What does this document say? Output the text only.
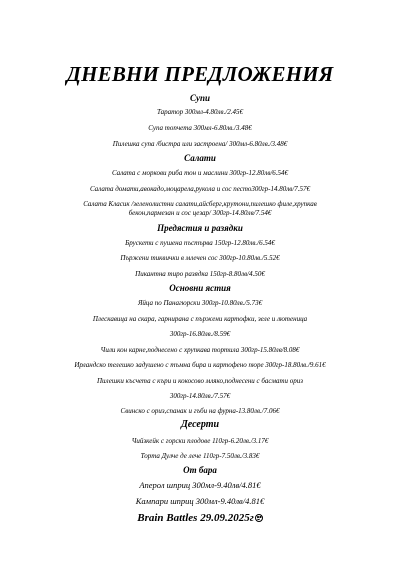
ДНЕВНИ ПРЕДЛОЖЕНИЯ
Супи
Таратор 300мл-4.80лв./2.45€
Супа топчета 300мл-6.80лв./3.48€
Пилешка супа /бистра или застроена/ 300мл-6.80лв./3.48€
Салати
Салата с моркови риба тон и маслини 300гр-12.80лв/6.54€
Салата домати,авокадо,моцарела,рукола и сос песто300гр-14.80лв/7.57€
Салата Класик /зеленолистни салати,айсберг,крутони,пилешко филе,хрупкав
бекон,пармезан и сос цезар/ 300гр-14.80лв/7.54€
Предястия и разядки
Брускети с пушена пъстърва 150гр-12.80лв./6.54€
Пържени тиквички в млечен сос 300гр-10.80лв./5.52€
Пикантна тиро разядка 150гр-8.80лв/4.50€
Основни ястия
Яйца по Панагюрски 300гр-10.80лв./5.73€
Плескавица на скара, гарнирана с пържени картофки, зеле и лютеница
300гр-16.80лв./8.59€
Чили кон карне,поднесено с хрупкава тортила 300гр-15.80лв/8.08€
Ирландско телешко задушено с тъмна бира и картофено пюре 300гр-18.80лв./9.61€
Пилешки късчета с къри и кокосово мляко,поднесени с басмати ориз
300гр-14.80лв./7.57€
Свинско с ориз,спанак и гъби на фурна-13.80лв./7.06€
Десерти
Чийзкейк с горски плодове 110гр-6.20лв./3.17€
Торта Дулче де лече 110гр-7.50лв./3.83€
От бара
Аперол шприц 300мл-9.40лв/4.81€
Кампари шприц 300мл-9.40лв/4.81€
Brain Battles 29.09.2025г
